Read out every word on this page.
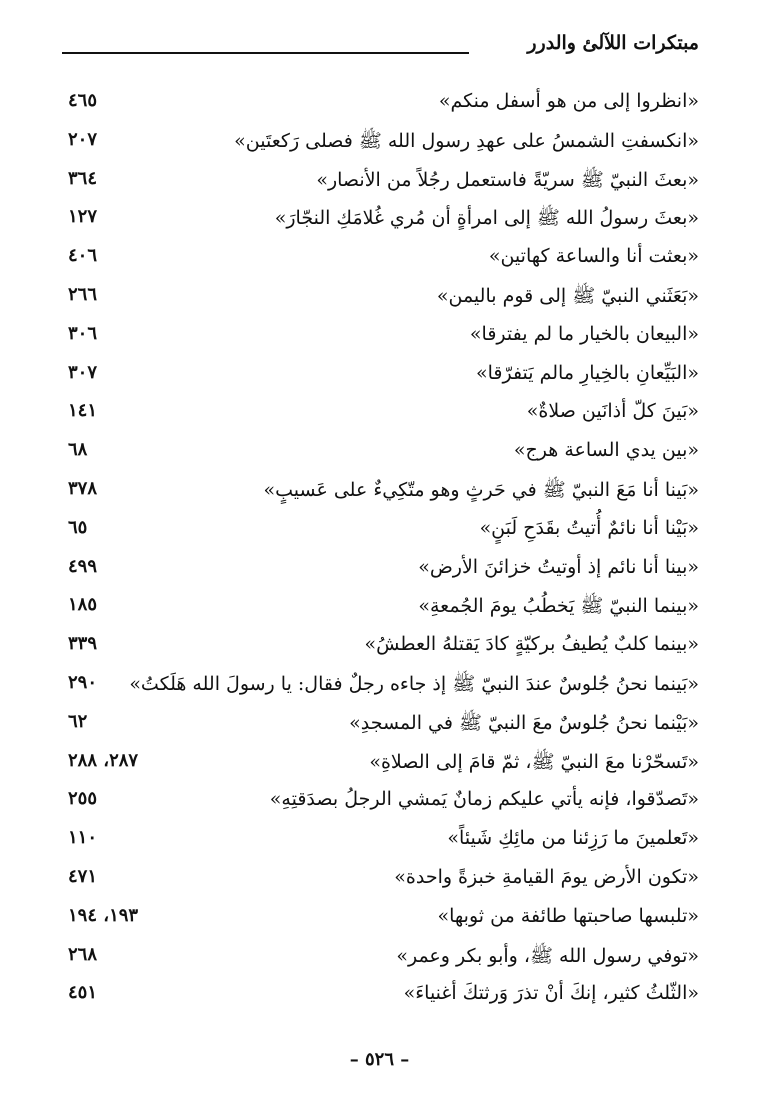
مبتكرات اللآلئ والدرر
«انظروا إلى من هو أسفل منكم»
٤٦٥
«انكسفتِ الشمسُ على عهدِ رسول الله ﷺ فصلى رَكعتَين»
٢٠٧
«بعثَ النبيّ ﷺ سريّةً فاستعمل رجُلاً من الأنصار»
٣٦٤
«بعثَ رسولُ الله ﷺ إلى امرأةٍ أن مُري غُلامَكِ النجّارَ»
١٢٧
«بعثت أنا والساعة كهاتين»
٤٠٦
«بَعَثَني النبيّ ﷺ إلى قوم باليمن»
٢٦٦
«البيعان بالخيار ما لم يفترقا»
٣٠٦
«البَيِّعانِ بالخِيارِ مالم يَتفرّقا»
٣٠٧
«بَينَ كلّ أذانَين صلاةٌ»
١٤١
«بين يدي الساعة هرج»
٦٨
«بَينا أنا مَعَ النبيّ ﷺ في حَرثٍ وهو متّكِيءٌ على عَسيبٍ»
٣٧٨
«بَيْنا أنا نائمٌ أُتيتُ بقَدَحِ لَبَنٍ»
٦٥
«بينا أنا نائم إذ أوتيتُ خزائنَ الأرض»
٤٩٩
«بينما النبيّ ﷺ يَخطُبُ يومَ الجُمعةِ»
١٨٥
«بينما كلبٌ يُطيفُ بركيّةٍ كادَ يَقتلهُ العطشُ»
٣٣٩
«بَينما نحنُ جُلوسٌ عندَ النبيّ ﷺ إذ جاءه رجلٌ فقال: يا رسولَ الله هَلَكتُ»
٢٩٠
«بَيْنما نحنُ جُلوسٌ معَ النبيّ ﷺ في المسجدِ»
٦٢
«تَسحّرْنا معَ النبيّ ﷺ، ثمّ قامَ إلى الصلاةِ»
٢٨٧، ٢٨٨
«تَصدّقوا، فإنه يأتي عليكم زمانٌ يَمشي الرجلُ بصدَقتِهِ»
٢٥٥
«تَعلمينَ ما رَزِئنا من مائِكِ شَيئاً»
١١٠
«تكون الأرض يومَ القيامةِ خبزةً واحدة»
٤٧١
«تلبسها صاحبتها طائفة من ثوبها»
١٩٣، ١٩٤
«توفي رسول الله ﷺ، وأبو بكر وعمر»
٢٦٨
«الثّلثُ كثير، إنكَ أنْ تذرَ وَرثتكَ أغنياءَ»
٤٥١
– ٥٢٦ –
